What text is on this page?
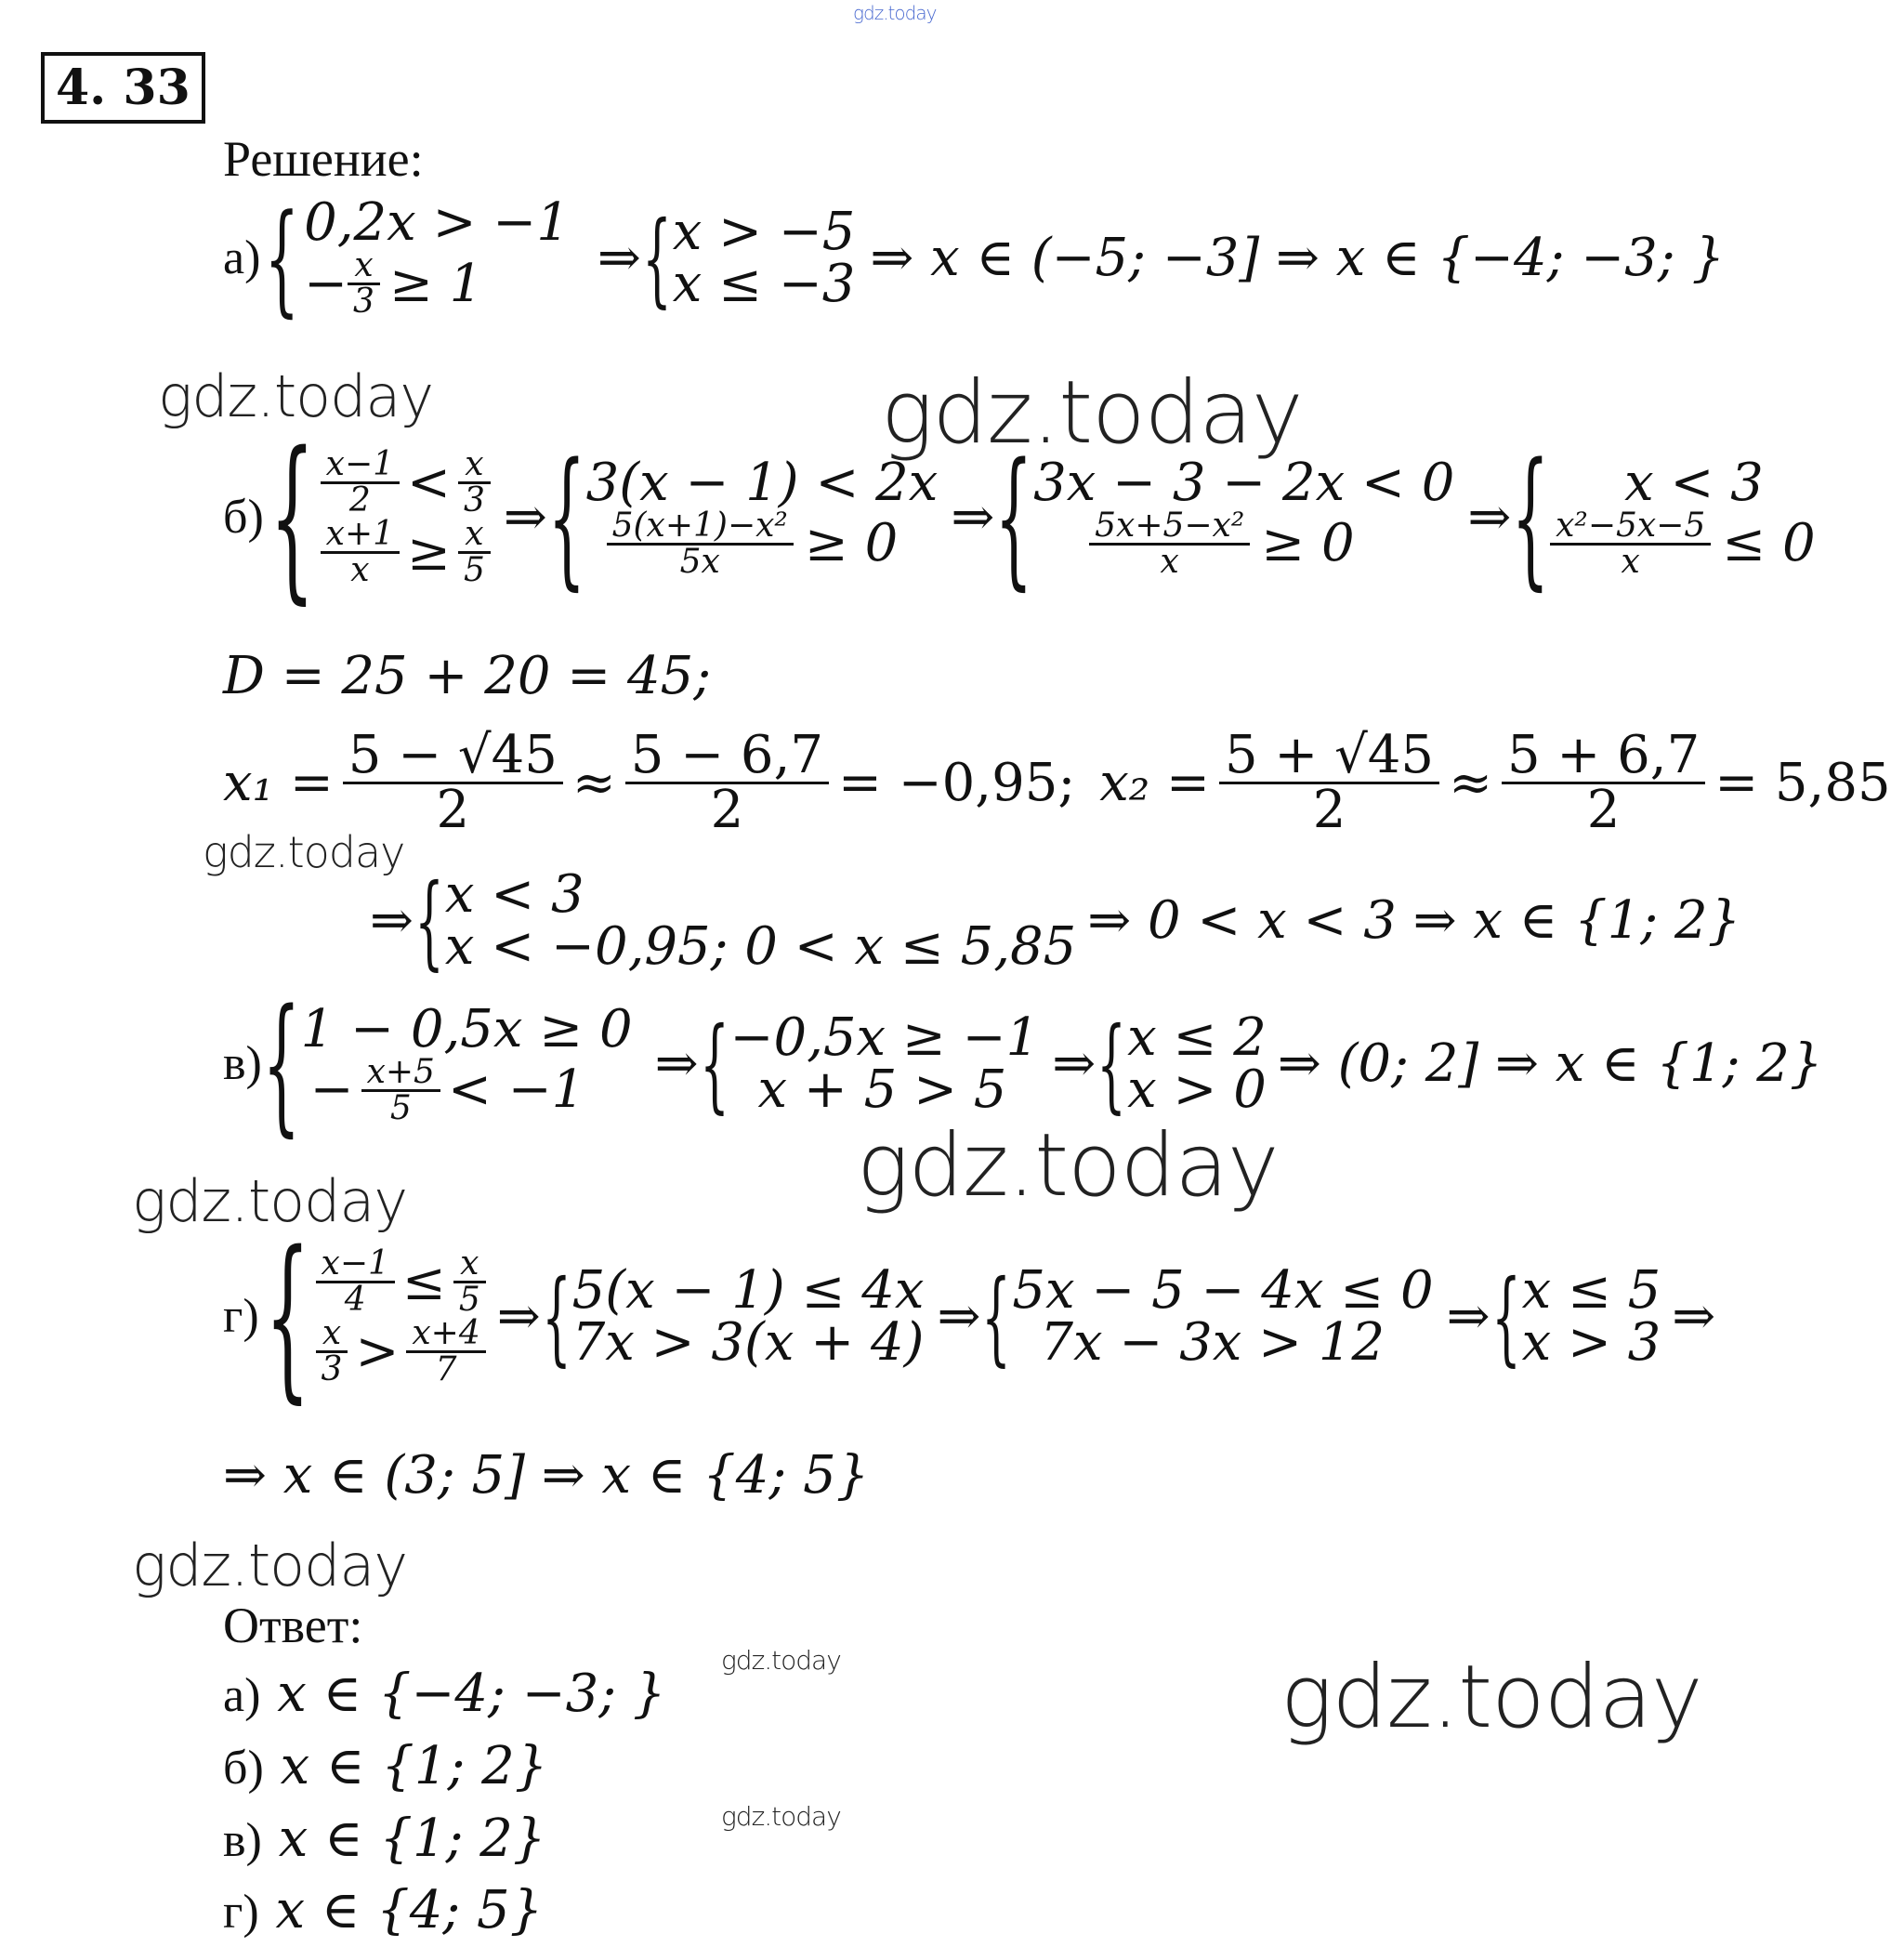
gdz.today
gdz.today	gdz.today
gdz.today
gdz.today
gdz.today
gdz.today
gdz.today	gdz.today
gdz.today
4. 33
Решение:
а) { 0,2x > −1
− $\frac{x}{3} \ge 1$ ⇒ { x > −5
x ≤ −3 ⇒ x ∈ (−5; −3] ⇒ x ∈ {−4; −3; }
б) { $\frac{x-1}{2} < \frac{x}{3}$
$\frac{x+1}{x} \ge \frac{x}{5}$
⇒ { 3(x − 1) < 2x
$\frac{\text{5(x+1)−x²}}{5x} \ge 0$ ⇒ { 3x − 3 − 2x < 0
$\frac{\text{5x+5−x²}}{x} \ge 0$ ⇒ {	x < 3
$\frac{\text{x²−5x−5}}{x} \le 0$
D = 25 + 20 = 45;
$x_1 = \frac{5 - √45}{2} \approx \frac{5 - 6,7}{2} = -0,95$; $x_2 = \frac{5 + √45}{2} \approx \frac{5 + 6,7}{2} = 5,85$
⇒ { x < 3
x < −0,95; 0 < x ≤ 5,85 ⇒ 0 < x < 3 ⇒ x ∈ {1; 2}
в) { 1 − 0,5x ≥ 0
− $\frac{x+5}{5} < -1$ ⇒ { −0,5x ≥ −1
x + 5 > 5 ⇒ { x ≤ 2
x > 0 ⇒ (0; 2] ⇒ x ∈ {1; 2}
г) { $\frac{x-1}{4} \le \frac{x}{5}$
$\frac{x}{3} > \frac{x+4}{7}$
⇒ { 5(x − 1) ≤ 4x
7x > 3(x + 4) ⇒ { 5x − 5 − 4x ≤ 0
7x − 3x > 12	⇒ { x ≤ 5
x > 3 ⇒
⇒ x ∈ (3; 5] ⇒ x ∈ {4; 5}
Ответ:
а) x ∈ {−4; −3; }
б) x ∈ {1; 2}
в) x ∈ {1; 2}
г) x ∈ {4; 5}
